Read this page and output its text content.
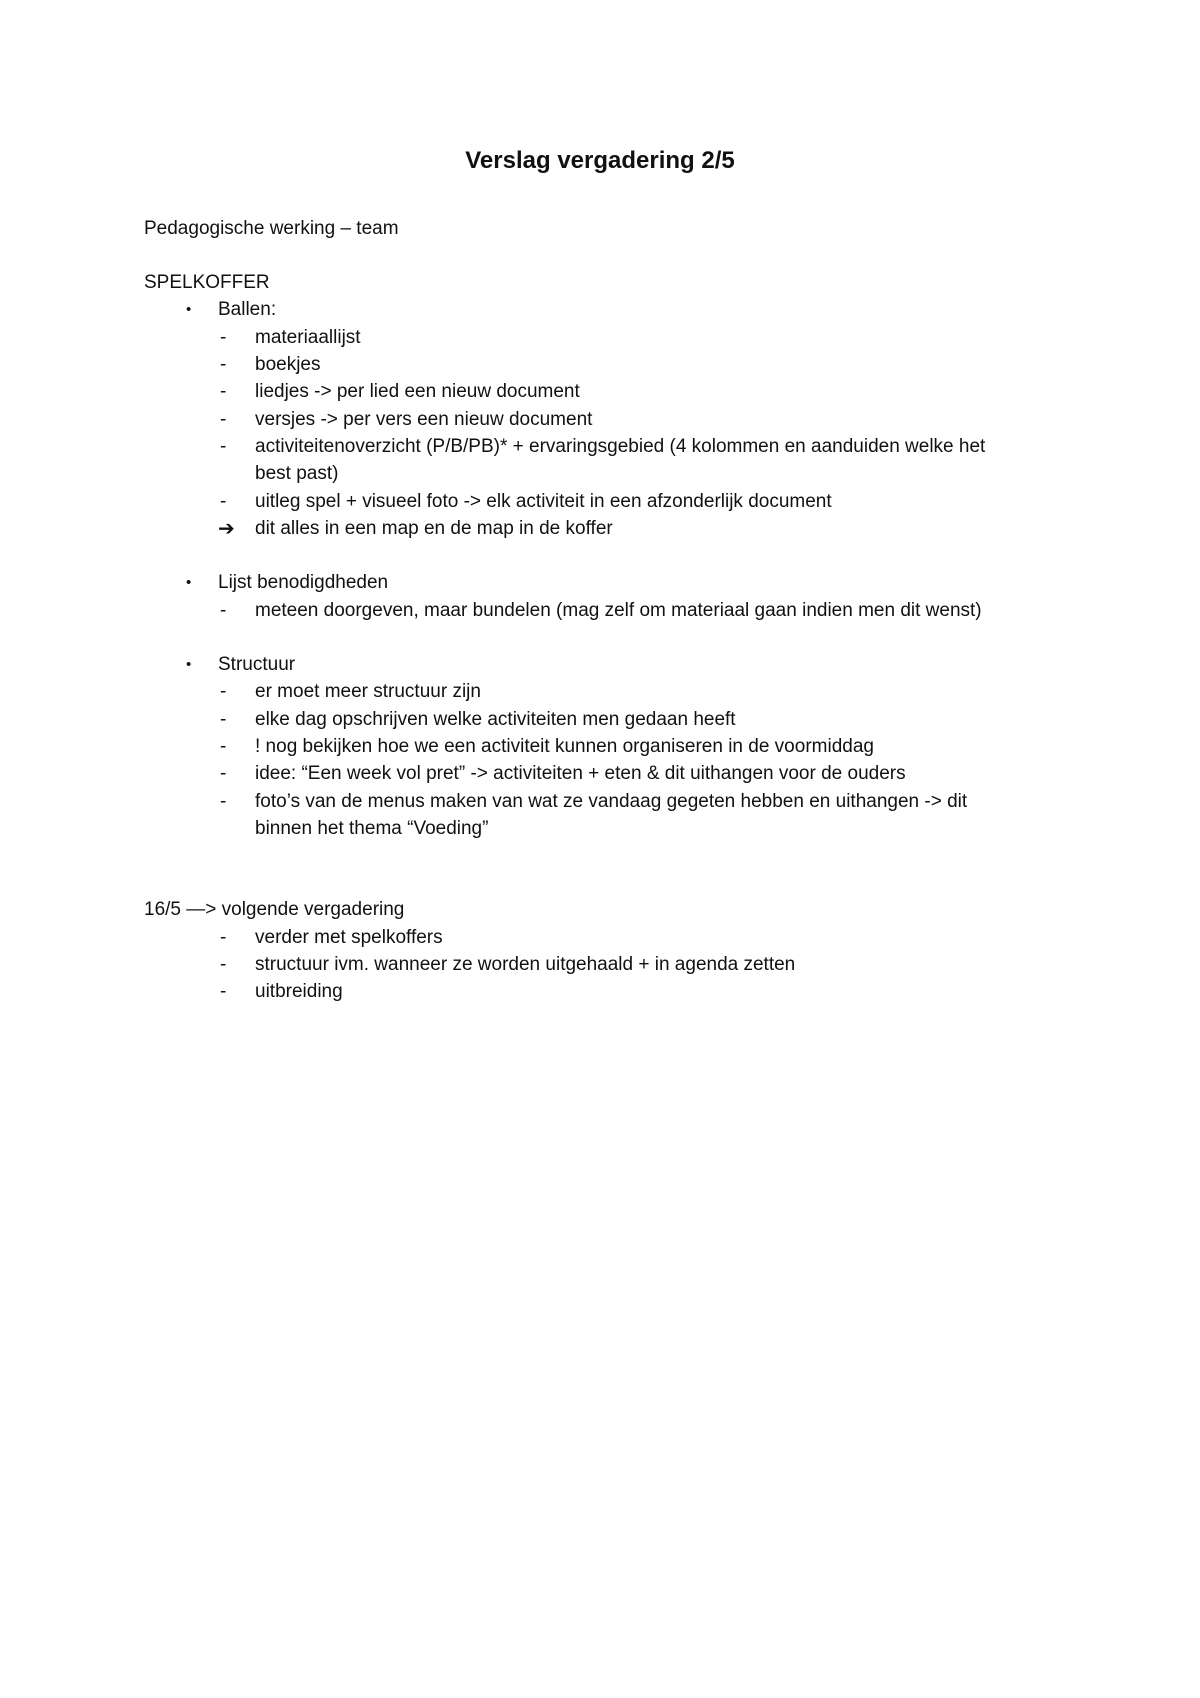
Verslag vergadering 2/5
Pedagogische werking – team
SPELKOFFER
• Ballen:
- materiaallijst
- boekjes
- liedjes -> per lied een nieuw document
- versjes -> per vers een nieuw document
- activiteitenoverzicht (P/B/PB)* + ervaringsgebied (4 kolommen en aanduiden welke het
best past)
- uitleg spel + visueel foto -> elk activiteit in een afzonderlijk document
➔ dit alles in een map en de map in de koffer
• Lijst benodigdheden
- meteen doorgeven, maar bundelen (mag zelf om materiaal gaan indien men dit wenst)
• Structuur
- er moet meer structuur zijn
- elke dag opschrijven welke activiteiten men gedaan heeft
- ! nog bekijken hoe we een activiteit kunnen organiseren in de voormiddag
- idee: “Een week vol pret” -> activiteiten + eten & dit uithangen voor de ouders
- foto’s van de menus maken van wat ze vandaag gegeten hebben en uithangen -> dit
binnen het thema “Voeding”
16/5 —> volgende vergadering
- verder met spelkoffers
- structuur ivm. wanneer ze worden uitgehaald + in agenda zetten
- uitbreiding
